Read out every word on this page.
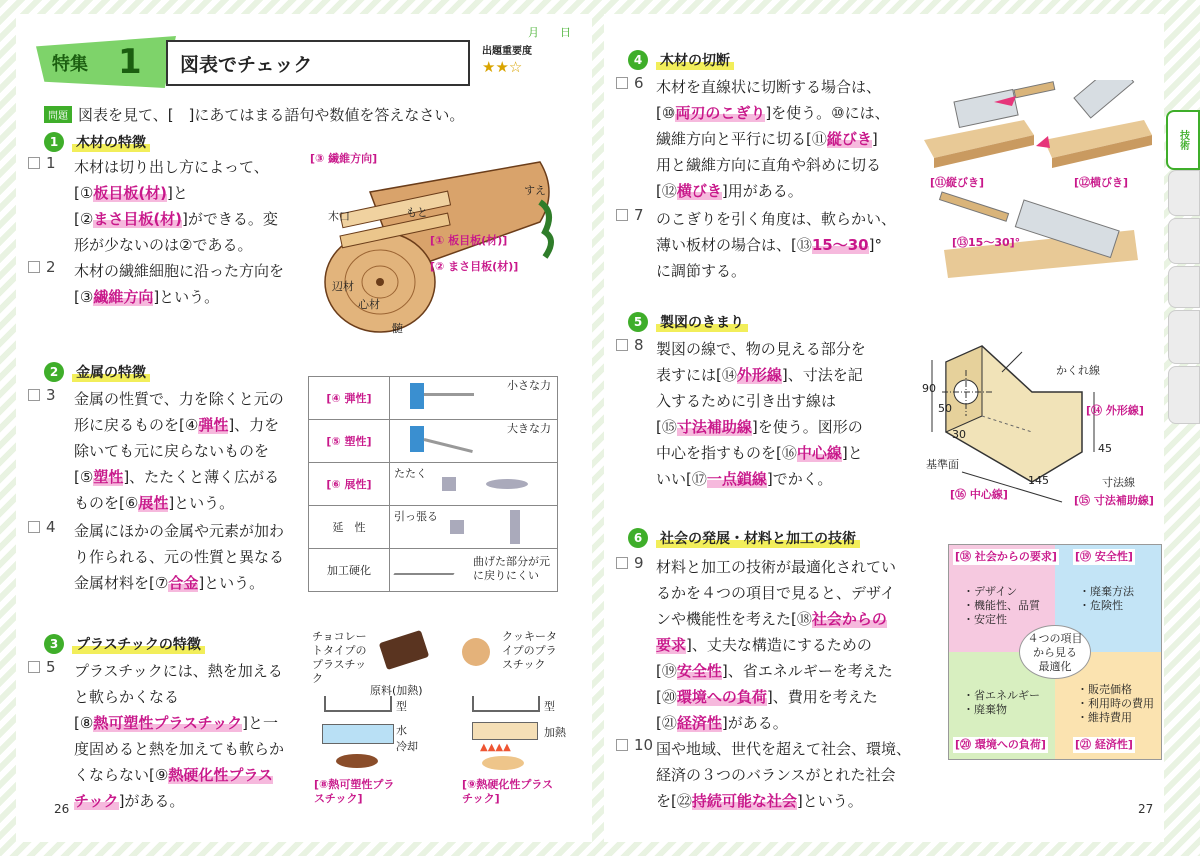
特集 1 図表でチェック
出題重要度
★★☆
月 日
問題 図表を見て、[　]にあてはまる語句や数値を答えなさい。
1	木材の特徴
1 木材は切り出し方によって、
[①板目板(材)]と
[②まさ目板(材)]ができる。変
形が少ないのは②である。
2 木材の繊維細胞に沿った方向を
[③繊維方向]という。
[③ 繊維方向]
もと
すえ
木口
[① 板目板(材)]
[② まさ目板(材)]
辺材
心材
髄
2	金属の特徴
3 金属の性質で、力を除くと元の
形に戻るものを[④弾性]、力を
除いても元に戻らないものを
[⑤塑性]、たたくと薄く広がる
ものを[⑥展性]という。
4 金属にほかの金属や元素が加わ
り作られる、元の性質と異なる
金属材料を[⑦合金]という。
[④ 弾性]	小さな力

[⑤ 塑性]	大きな力

[⑥ 展性]	たたく

延　性	引っ張る

加工硬化	曲げた部分が元に戻りにくい
3	プラスチックの特徴
5 プラスチックには、熱を加える
と軟らかくなる
[⑧熱可塑性プラスチック]と一
度固めると熱を加えても軟らか
くならない[⑨熱硬化性プラス
チック]がある。
チョコレートタイプのプラスチック
原料(加熱)
型
水
冷却
[⑧熱可塑性プラスチック]
クッキータイプのプラスチック
型
加熱
▲▲▲▲
[⑨熱硬化性プラスチック]
26
4	木材の切断
6 木材を直線状に切断する場合は、
[⑩両刃のこぎり]を使う。⑩には、
繊維方向と平行に切る[⑪縦びき]
用と繊維方向に直角や斜めに切る
[⑫横びき]用がある。
7 のこぎりを引く角度は、軟らかい、
薄い板材の場合は、[⑬15～30]°
に調節する。
[⑪縦びき]	[⑫横びき]
[⑬15～30]°
5	製図のきまり
8 製図の線で、物の見える部分を
表すには[⑭外形線]、寸法を記
入するために引き出す線は
[⑮寸法補助線]を使う。図形の
中心を指すものを[⑯中心線]と
いい[⑰一点鎖線]でかく。
かくれ線
[⑭ 外形線]
90
50
30
45
145
基準面
寸法線
[⑯ 中心線]	[⑮ 寸法補助線]
6	社会の発展・材料と加工の技術
9 材料と加工の技術が最適化されてい
るかを４つの項目で見ると、デザイ
ンや機能性を考えた[⑱社会からの
要求]、丈夫な構造にするための
[⑲安全性]、省エネルギーを考えた
[⑳環境への負荷]、費用を考えた
[㉑経済性]がある。
10 国や地域、世代を超えて社会、環境、
経済の３つのバランスがとれた社会
を[㉒持続可能な社会]という。
[⑱ 社会からの要求] [⑲ 安全性]
・デザイン
・機能性、品質
・安定性
・廃棄方法
・危険性
・省エネルギー
・廃棄物
・販売価格
・利用時の費用
・維持費用
[⑳ 環境への負荷]	[㉑ 経済性]
４つの項目
から見る
最適化
27
技術
